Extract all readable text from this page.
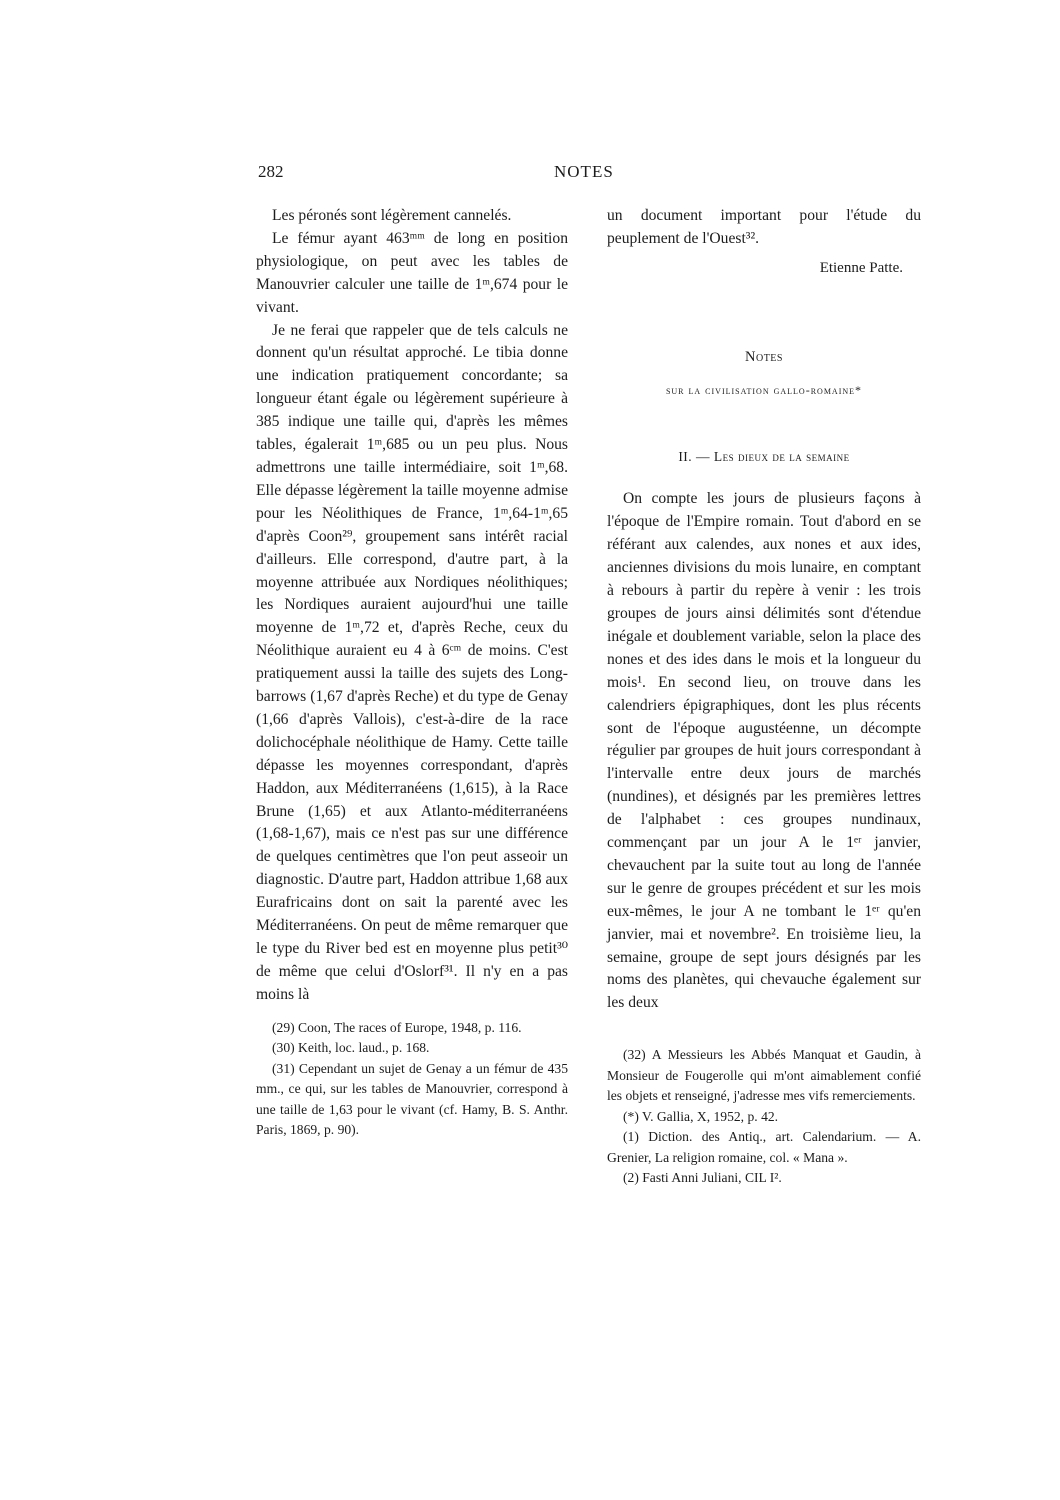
282	NOTES

Les péronés sont légèrement cannelés.

Le fémur ayant 463ᵐᵐ de long en position physiologique, on peut avec les tables de Manouvrier calculer une taille de 1ᵐ,674 pour le vivant.

Je ne ferai que rappeler que de tels calculs ne donnent qu'un résultat approché. Le tibia donne une indication pratiquement concordante; sa longueur étant égale ou légèrement supérieure à 385 indique une taille qui, d'après les mêmes tables, égalerait 1ᵐ,685 ou un peu plus. Nous admettrons une taille intermédiaire, soit 1ᵐ,68. Elle dépasse légèrement la taille moyenne admise pour les Néolithiques de France, 1ᵐ,64-1ᵐ,65 d'après Coon²⁹, groupement sans intérêt racial d'ailleurs. Elle correspond, d'autre part, à la moyenne attribuée aux Nordiques néolithiques; les Nordiques auraient aujourd'hui une taille moyenne de 1ᵐ,72 et, d'après Reche, ceux du Néolithique auraient eu 4 à 6ᶜᵐ de moins. C'est pratiquement aussi la taille des sujets des Long-barrows (1,67 d'après Reche) et du type de Genay (1,66 d'après Vallois), c'est-à-dire de la race dolichocéphale néolithique de Hamy. Cette taille dépasse les moyennes correspondant, d'après Haddon, aux Méditerranéens (1,615), à la Race Brune (1,65) et aux Atlanto-méditerranéens (1,68-1,67), mais ce n'est pas sur une différence de quelques centimètres que l'on peut asseoir un diagnostic. D'autre part, Haddon attribue 1,68 aux Eurafricains dont on sait la parenté avec les Méditerranéens. On peut de même remarquer que le type du River bed est en moyenne plus petit³⁰ de même que celui d'Oslorf³¹. Il n'y en a pas moins là

(29) Coon, The races of Europe, 1948, p. 116.

(30) Keith, loc. laud., p. 168.

(31) Cependant un sujet de Genay a un fémur de 435 mm., ce qui, sur les tables de Manouvrier, correspond à une taille de 1,63 pour le vivant (cf. Hamy, B. S. Anthr. Paris, 1869, p. 90).

un document important pour l'étude du peuplement de l'Ouest³².

Etienne Patte.
Notes
sur la civilisation gallo-romaine*
II. — Les dieux de la semaine

On compte les jours de plusieurs façons à l'époque de l'Empire romain. Tout d'abord en se référant aux calendes, aux nones et aux ides, anciennes divisions du mois lunaire, en comptant à rebours à partir du repère à venir : les trois groupes de jours ainsi délimités sont d'étendue inégale et doublement variable, selon la place des nones et des ides dans le mois et la longueur du mois¹. En second lieu, on trouve dans les calendriers épigraphiques, dont les plus récents sont de l'époque augustéenne, un décompte régulier par groupes de huit jours correspondant à l'intervalle entre deux jours de marchés (nundines), et désignés par les premières lettres de l'alphabet : ces groupes nundinaux, commençant par un jour A le 1ᵉʳ janvier, chevauchent par la suite tout au long de l'année sur le genre de groupes précédent et sur les mois eux-mêmes, le jour A ne tombant le 1ᵉʳ qu'en janvier, mai et novembre². En troisième lieu, la semaine, groupe de sept jours désignés par les noms des planètes, qui chevauche également sur les deux

(32) A Messieurs les Abbés Manquat et Gaudin, à Monsieur de Fougerolle qui m'ont aimablement confié les objets et renseigné, j'adresse mes vifs remerciements.

(*) V. Gallia, X, 1952, p. 42.

(1) Diction. des Antiq., art. Calendarium. — A. Grenier, La religion romaine, col. « Mana ».

(2) Fasti Anni Juliani, CIL I².
